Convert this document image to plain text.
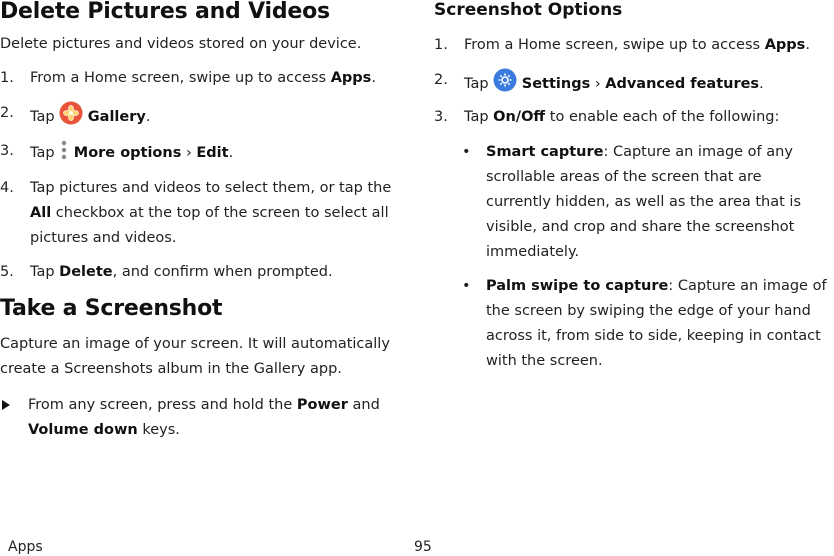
Delete Pictures and Videos

Delete pictures and videos stored on your device.

1. From a Home screen, swipe up to access Apps.
2. Tap  Gallery.
3. Tap  More options › Edit.
4. Tap pictures and videos to select them, or tap the All checkbox at the top of the screen to select all pictures and videos.
5. Tap Delete, and confirm when prompted.
Take a Screenshot

Capture an image of your screen. It will automatically create a Screenshots album in the Gallery app.

From any screen, press and hold the Power and Volume down keys.
Screenshot Options
1. From a Home screen, swipe up to access Apps.
2. Tap  Settings › Advanced features.
3. Tap On/Off to enable each of the following:
• Smart capture: Capture an image of any scrollable areas of the screen that are currently hidden, as well as the area that is visible, and crop and share the screenshot immediately.
• Palm swipe to capture: Capture an image of the screen by swiping the edge of your hand across it, from side to side, keeping in contact with the screen.
Apps	95
